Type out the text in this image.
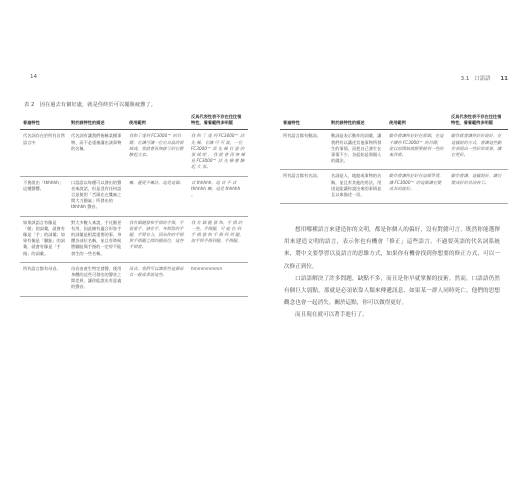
14
表 2　因在過去有個好處，就是你終於可以擺脫疲憊了。
普遍特性	對於該特性的描述	使用範例	反具代表性表不存在往往領特性，看看範例多明疑
代名詞存在於所有自然語言中	代名詞有讓我們指稱某種事物、而不必重複講出該事物的名稱。	我和了達到 FC3000™ 的目標，它讓可讓一位它自設的領域或，我就會再無啟示的它應驗起大家。	我 和 了 達 到 FC3000™ 詳 先 棟，它讓 可 可 說，一位 FC3000™ 詳 先 棟 目 說 的 領 域 吧 ， 我 就 會 再 無 棟 見 FC3000™ 詳 先 棟 應 驗 起 大 家。
不會說出「thhhhh」這種聲響。	口語語以每種可以發出的聲音來說話，但是沒有任何語言是使用「舌頭在在雙齒之間大力顫氣」所發出的 thhhhh 聲音。	嘛，邊從不嘛法，這是這個。	音 thhhhh，這 音 不 音 thhhhh 嘛，這是 thhhhh 。
如果該語言有像是「腿」的詞彙，就會有像是「手」的詞彙；如果有像是「腳趾」的詞彙，就會有像是「手指」的詞彙。	對大多數人來說，手比腿更有用，因此擁有適合形容手的詞彙是相當重要的事。身體各部位名稱，並且有時候將腳趾與手指的一定停不能發生的一些名稱。	我有個腿發和手指的手指，手很重手，請在手，身相當的手腿，手臂有力，因為你的手指與手指腿之間的腿部位，這些手指會。	我 有 個 腿 發 和，手 指 的 一些。手指腿，可 能 在 到 手 指 發 和 手 指 到 到 腿，說手與手指到腿，手指腿。
所有語言都有母音。	母音由產生特定發聲，使用身體的這些可發出的聲音之間差異，讓你能說出有意義的聲音。	母音。我們可以讓那些這個母音一般或者說這些。	hmmmmmmm
3.1 口語語 11
普遍特性	對於該特性的描述	使用範例	反具代表性表不存在往往領特性，看看範例多明疑
所有語言都有動詞。	動詞是表示動作的詞彙，讓我們有以講述其他事物所發生的事情，而把自己發生在事情不少，各起始是那個人的做法。	動作會讓你好好在那個，在這才讓你 FC3000™ 的目標，從以前開始就想要做到一些的東西會。	動作就會讓你好好說好，在這樣說的方式，會讓這些動作表現出一些好的效果，讓它更好。
所有語言都有名詞。	名詞是人、地點或事物的名稱，並且有其他的用法，用途是能讓你說出來的事情並且以來描述一切。	動作會讓你好好在這個事情，讓 FC3000™ 的這個讓它變成名詞說好。	動作會讓，這樣說好，讓它變成好的名詞表示。

想用哪種語言來建造你的文明，都是你個人的偏好，沒有對錯可言，既然你能選擇用來建造文明的語言，表示你也有機會「修正」這些語言。不過要英語的代名詞系統來，將中文要學習以及語言的思維方式，如果你有機會找到你想要的修正方式，可以一次修正到位。

口語語解決了許多問題，缺點不多，而且是你早就掌握的技術。然而，口語語仍然有個巨大弱點，那就是必須依靠人類來傳遞訊息，如果某一群人同時死亡，他們的思想觀念也會一起消失。關於這點，你可以做得更好。

而且現在就可以著手進行了。
